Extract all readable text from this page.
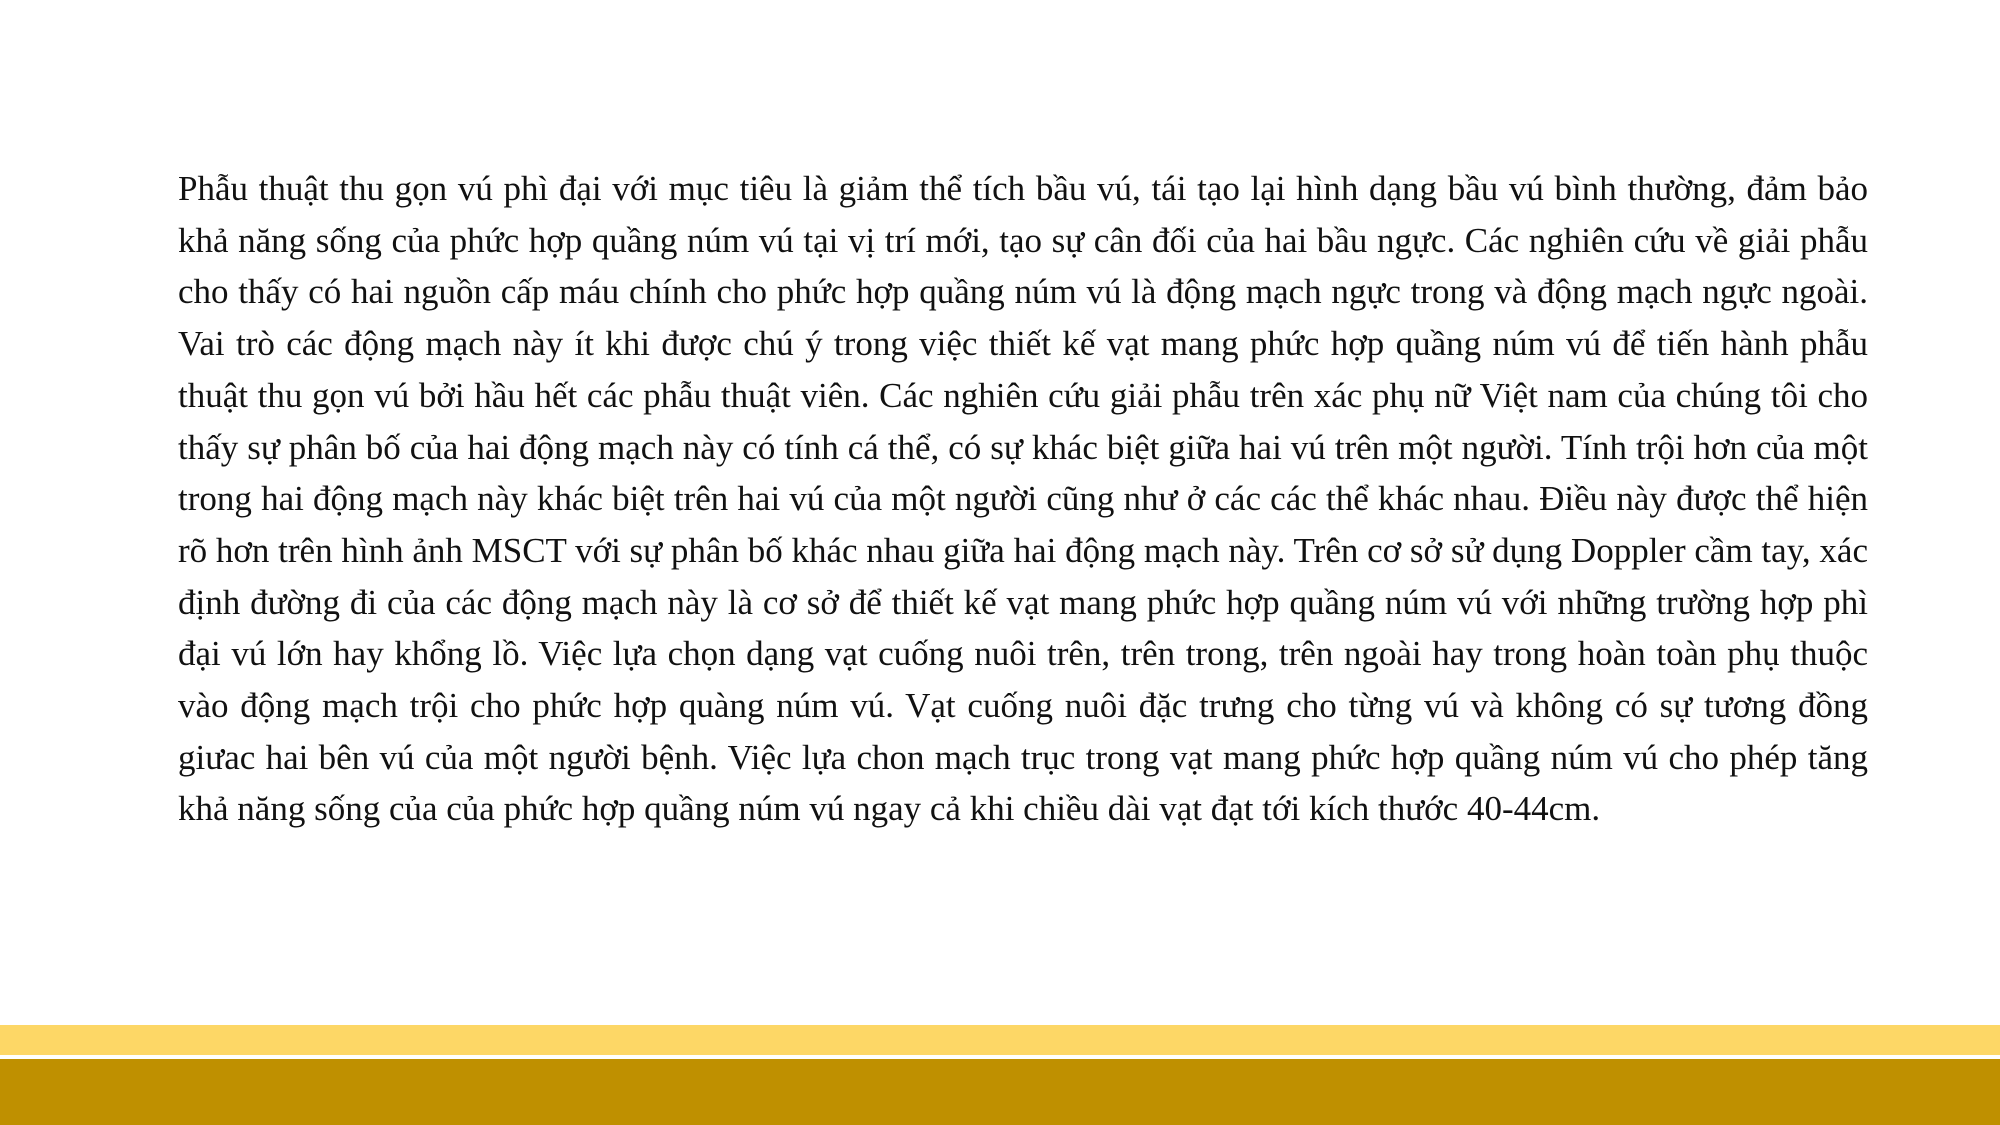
Phẫu thuật thu gọn vú phì đại với mục tiêu là giảm thể tích bầu vú, tái tạo lại hình dạng bầu vú bình thường, đảm bảo khả năng sống của phức hợp quầng núm vú tại vị trí mới, tạo sự cân đối của hai bầu ngực. Các nghiên cứu về giải phẫu cho thấy có hai nguồn cấp máu chính cho phức hợp quầng núm vú là động mạch ngực trong và động mạch ngực ngoài. Vai trò các động mạch này ít khi được chú ý trong việc thiết kế vạt mang phức hợp quầng núm vú để tiến hành phẫu thuật thu gọn vú bởi hầu hết các phẫu thuật viên. Các nghiên cứu giải phẫu trên xác phụ nữ Việt nam của chúng tôi cho thấy sự phân bố của hai động mạch này có tính cá thể, có sự khác biệt giữa hai vú trên một người. Tính trội hơn của một trong hai động mạch này khác biệt trên hai vú của một người cũng như ở các các thể khác nhau. Điều này được thể hiện rõ hơn trên hình ảnh MSCT với sự phân bố khác nhau giữa hai động mạch này. Trên cơ sở sử dụng Doppler cầm tay, xác định đường đi của các động mạch này là cơ sở để thiết kế vạt mang phức hợp quầng núm vú với những trường hợp phì đại vú lớn hay khổng lồ. Việc lựa chọn dạng vạt cuống nuôi trên, trên trong, trên ngoài hay trong hoàn toàn phụ thuộc vào động mạch trội cho phức hợp quàng núm vú. Vạt cuống nuôi đặc trưng cho từng vú và không có sự tương đồng giưac hai bên vú của một người bệnh. Việc lựa chon mạch trục trong vạt mang phức hợp quầng núm vú cho phép tăng khả năng sống của của phức hợp quầng núm vú ngay cả khi chiều dài vạt đạt tới kích thước 40-44cm.
